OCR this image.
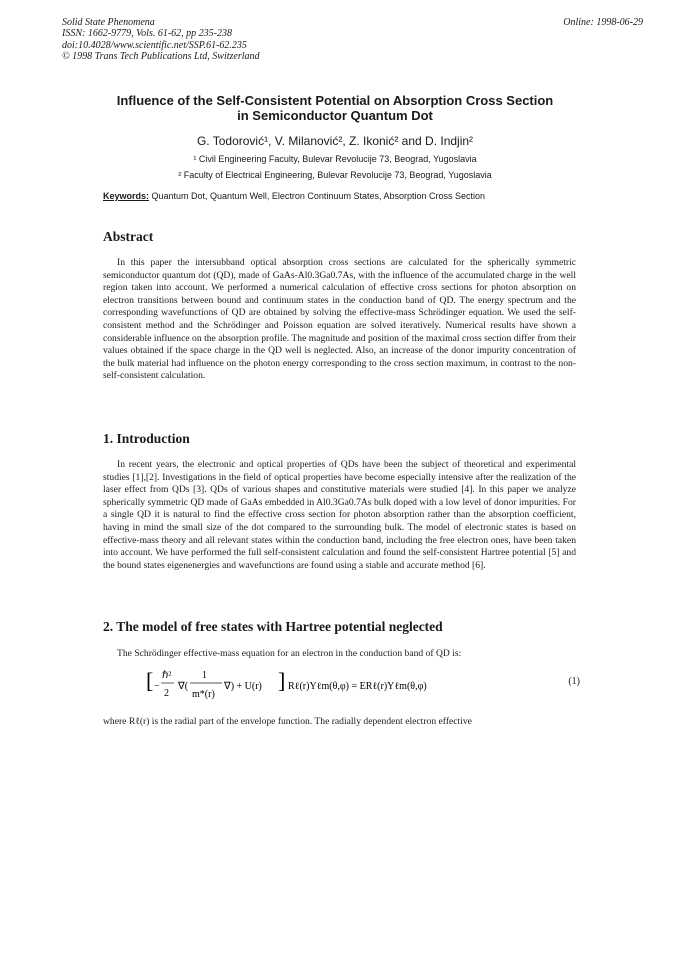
Solid State Phenomena
ISSN: 1662-9779, Vols. 61-62, pp 235-238
doi:10.4028/www.scientific.net/SSP.61-62.235
© 1998 Trans Tech Publications Ltd, Switzerland
Online: 1998-06-29
Influence of the Self-Consistent Potential on Absorption Cross Section
in Semiconductor Quantum Dot
G. Todorović¹, V. Milanović², Z. Ikonić² and D. Indjin²
¹ Civil Engineering Faculty, Bulevar Revolucije 73, Beograd, Yugoslavia
² Faculty of Electrical Engineering, Bulevar Revolucije 73, Beograd, Yugoslavia
Keywords: Quantum Dot, Quantum Well, Electron Continuum States, Absorption Cross Section
Abstract

In this paper the intersubband optical absorption cross sections are calculated for the spherically symmetric semiconductor quantum dot (QD), made of GaAs-Al0.3Ga0.7As, with the influence of the accumulated charge in the well region taken into account. We performed a numerical calculation of effective cross sections for photon absorption on electron transitions between bound and continuum states in the conduction band of QD. The energy spectrum and the corresponding wavefunctions of QD are obtained by solving the effective-mass Schrödinger equation. We used the self-consistent method and the Schrödinger and Poisson equation are solved iteratively. Numerical results have shown a considerable influence on the absorption profile. The magnitude and position of the maximal cross section differ from their values obtained if the space charge in the QD well is neglected. Also, an increase of the donor impurity concentration of the bulk material had influence on the photon energy corresponding to the cross section maximum, in contrast to the non-self-consistent calculation.

1. Introduction

In recent years, the electronic and optical properties of QDs have been the subject of theoretical and experimental studies [1],[2]. Investigations in the field of optical properties have become especially intensive after the realization of the laser effect from QDs [3]. QDs of various shapes and constitutive materials were studied [4]. In this paper we analyze spherically symmetric QD made of GaAs embedded in Al0.3Ga0.7As bulk doped with a low level of donor impurities. For a single QD it is natural to find the effective cross section for photon absorption rather than the absorption coefficient, having in mind the small size of the dot compared to the surrounding bulk. The model of electronic states is based on effective-mass theory and all relevant states within the conduction band, including the free electron ones, have been taken into account. We have performed the full self-consistent calculation and found the self-consistent Hartree potential [5] and the bound states eigenenergies and wavefunctions are found using a stable and accurate method [6].

2. The model of free states with Hartree potential neglected

The Schrödinger effective-mass equation for an electron in the conduction band of QD is:

[ −
ℏ²
2
∇(
1
m*(r)
∇) + U(r) ] Rℓ(r)Yℓm(θ,φ) = ERℓ(r)Yℓm(θ,φ)	(1)

where Rℓ(r) is the radial part of the envelope function. The radially dependent electron effective
